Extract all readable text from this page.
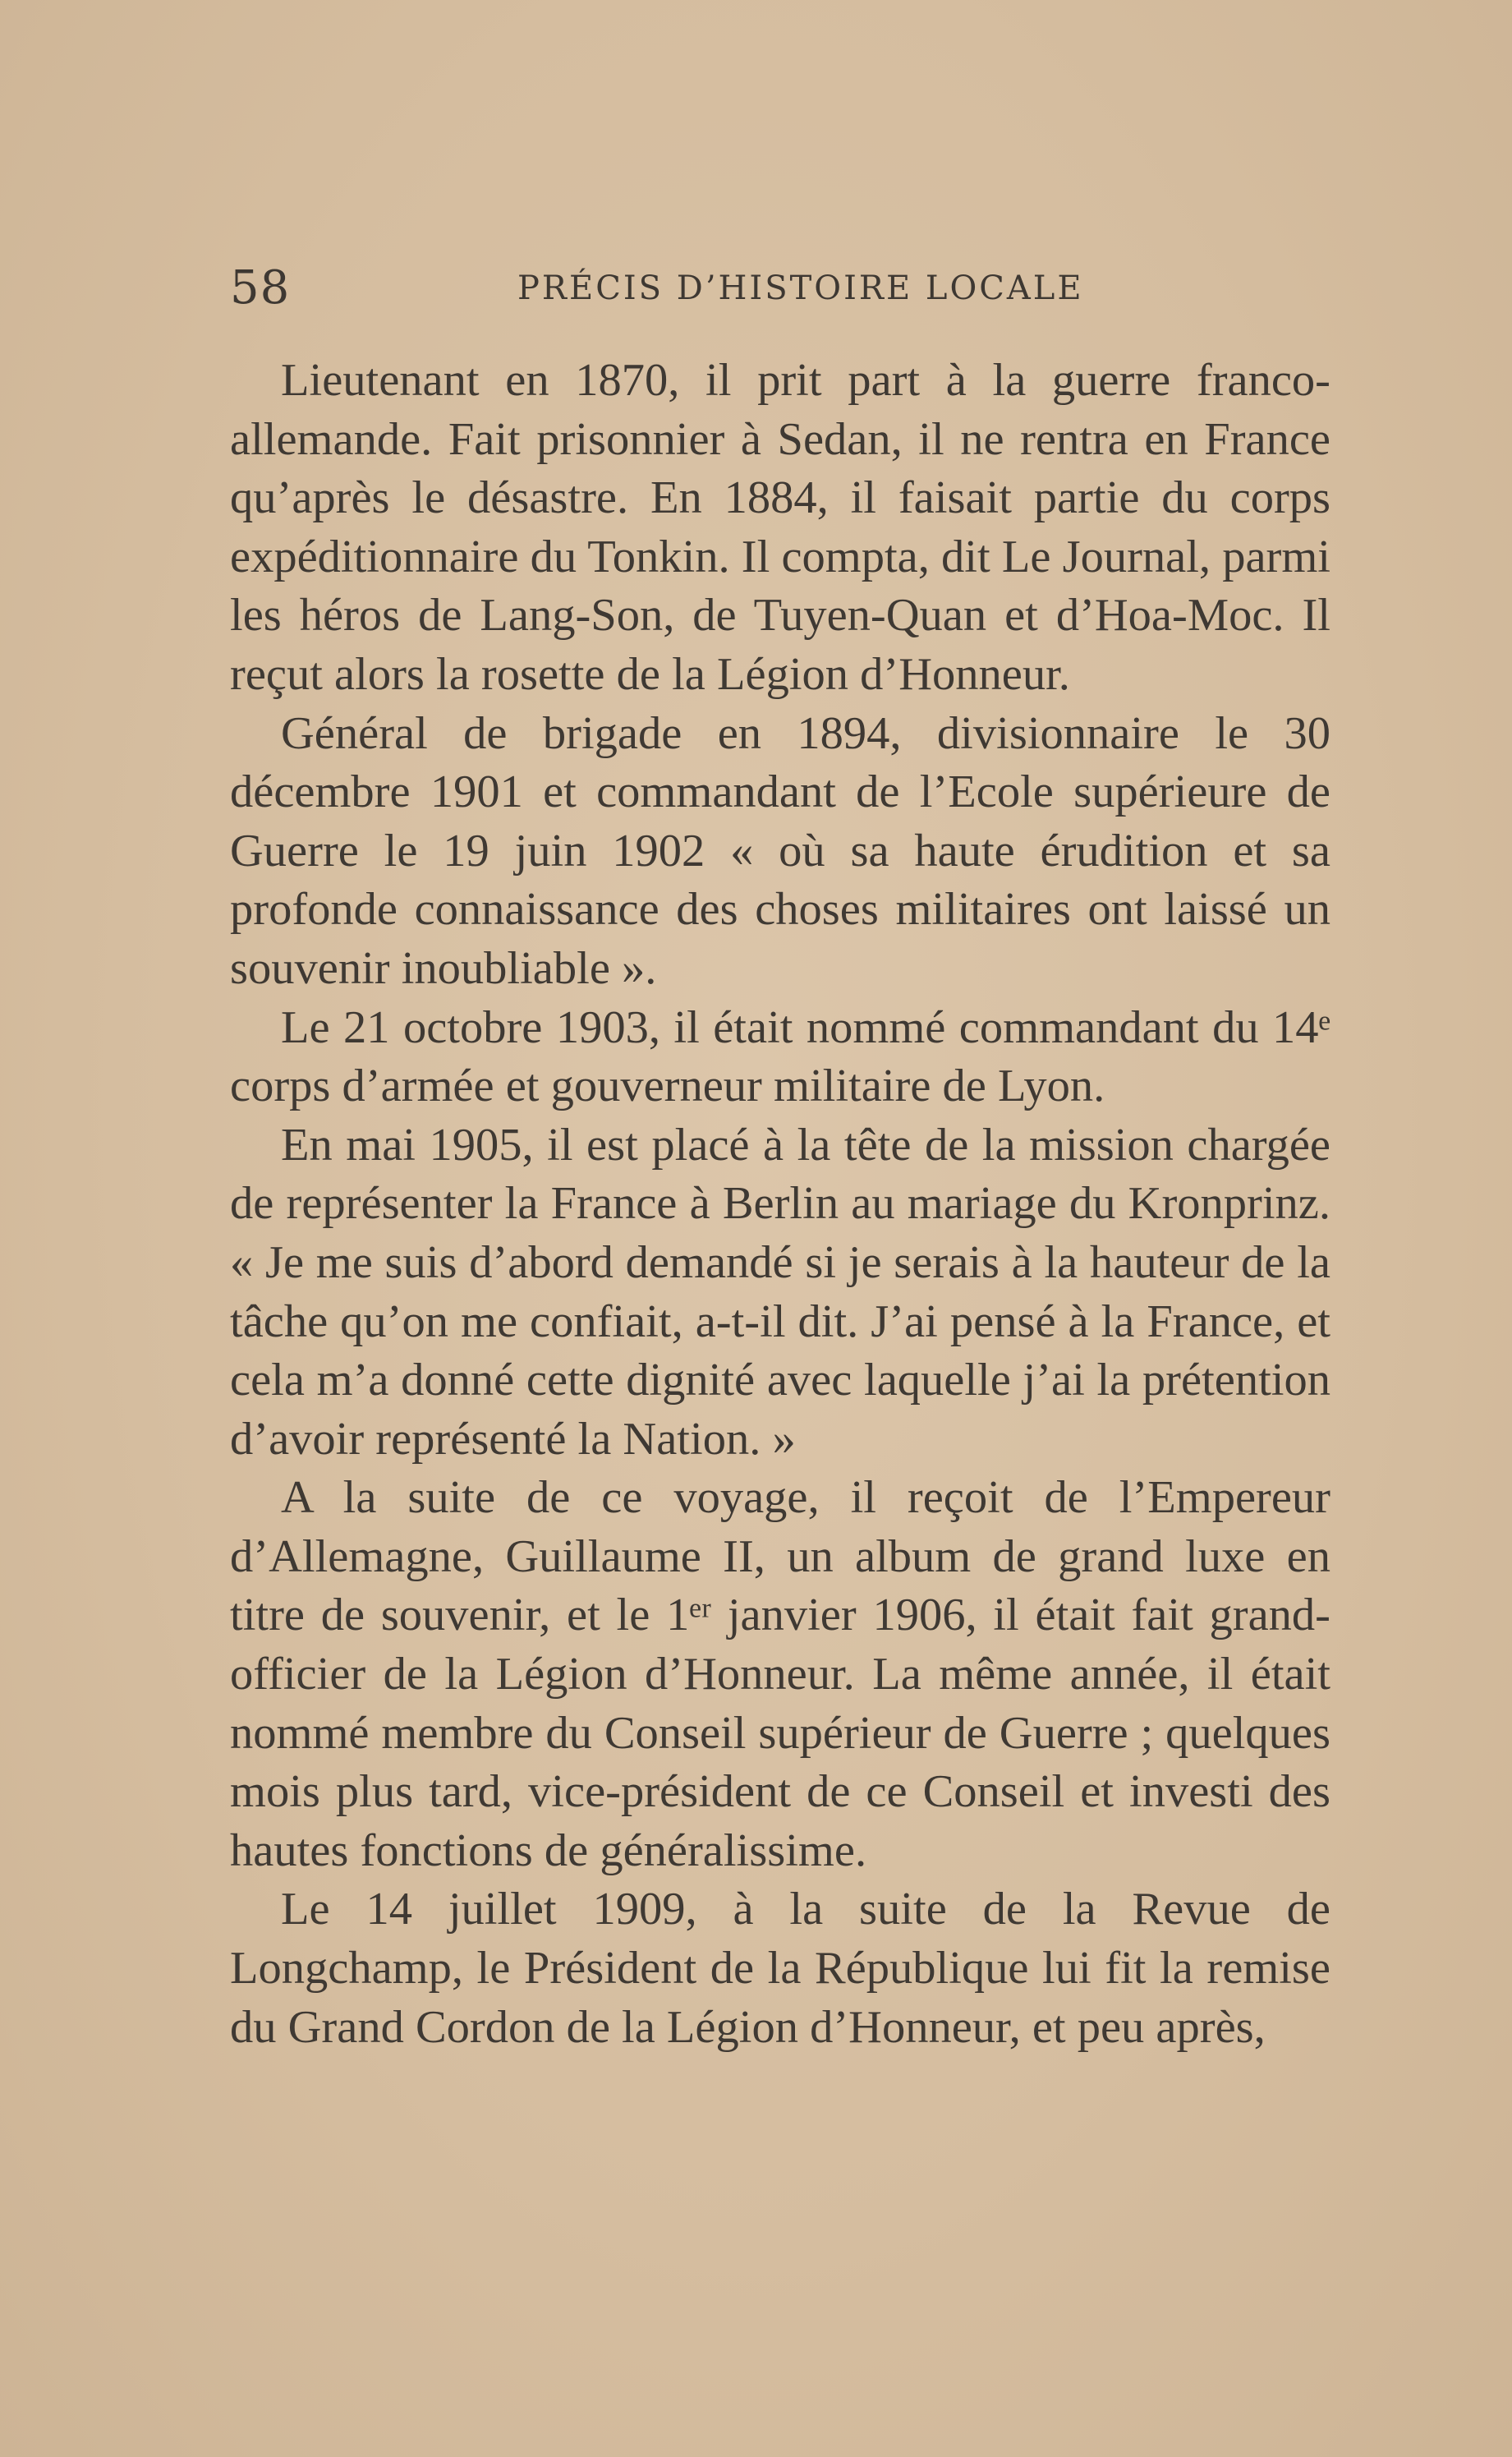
58	PRÉCIS D’HISTOIRE LOCALE

Lieutenant en 1870, il prit part à la guerre franco-allemande. Fait prisonnier à Sedan, il ne rentra en France qu’après le désastre. En 1884, il faisait partie du corps expéditionnaire du Tonkin. Il compta, dit Le Journal, parmi les héros de Lang-Son, de Tuyen-Quan et d’Hoa-Moc. Il reçut alors la rosette de la Légion d’Honneur.

Général de brigade en 1894, divisionnaire le 30 décembre 1901 et commandant de l’Ecole supérieure de Guerre le 19 juin 1902 « où sa haute érudition et sa profonde connaissance des choses militaires ont laissé un souvenir inoubliable ».

Le 21 octobre 1903, il était nommé commandant du 14ᵉ corps d’armée et gouverneur militaire de Lyon.

En mai 1905, il est placé à la tête de la mission chargée de représenter la France à Berlin au mariage du Kronprinz. « Je me suis d’abord demandé si je serais à la hauteur de la tâche qu’on me confiait, a-t-il dit. J’ai pensé à la France, et cela m’a donné cette dignité avec laquelle j’ai la prétention d’avoir représenté la Nation. »

A la suite de ce voyage, il reçoit de l’Empereur d’Allemagne, Guillaume II, un album de grand luxe en titre de souvenir, et le 1ᵉʳ janvier 1906, il était fait grand-officier de la Légion d’Honneur. La même année, il était nommé membre du Conseil supérieur de Guerre ; quelques mois plus tard, vice-président de ce Conseil et investi des hautes fonctions de généralissime.

Le 14 juillet 1909, à la suite de la Revue de Longchamp, le Président de la République lui fit la remise du Grand Cordon de la Légion d’Honneur, et peu après,
